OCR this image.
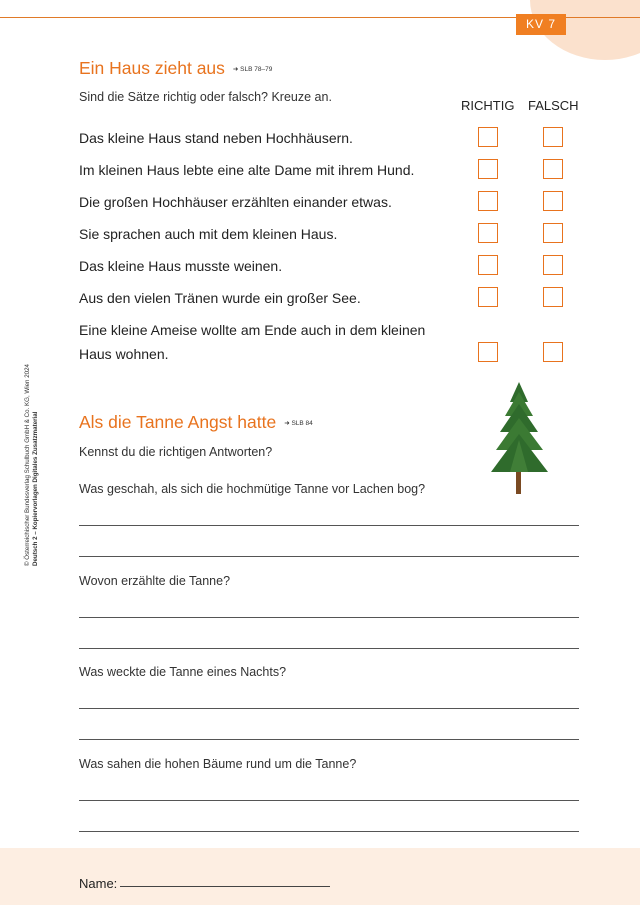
KV 7
© Österreichischer Bundesverlag Schulbuch GmbH & Co. KG, Wien 2024 Deutsch 2 – Kopiervorlagen Digitales Zusatzmaterial
Ein Haus zieht aus ➜ SLB 78–79
Sind die Sätze richtig oder falsch? Kreuze an.
RICHTIG FALSCH
Das kleine Haus stand neben Hochhäusern.
Im kleinen Haus lebte eine alte Dame mit ihrem Hund.
Die großen Hochhäuser erzählten einander etwas.
Sie sprachen auch mit dem kleinen Haus.
Das kleine Haus musste weinen.
Aus den vielen Tränen wurde ein großer See.
Eine kleine Ameise wollte am Ende auch in dem kleinen Haus wohnen.
Als die Tanne Angst hatte ➜ SLB 84
Kennst du die richtigen Antworten?
Was geschah, als sich die hochmütige Tanne vor Lachen bog?
Wovon erzählte die Tanne?
Was weckte die Tanne eines Nachts?
Was sahen die hohen Bäume rund um die Tanne?
Name:
